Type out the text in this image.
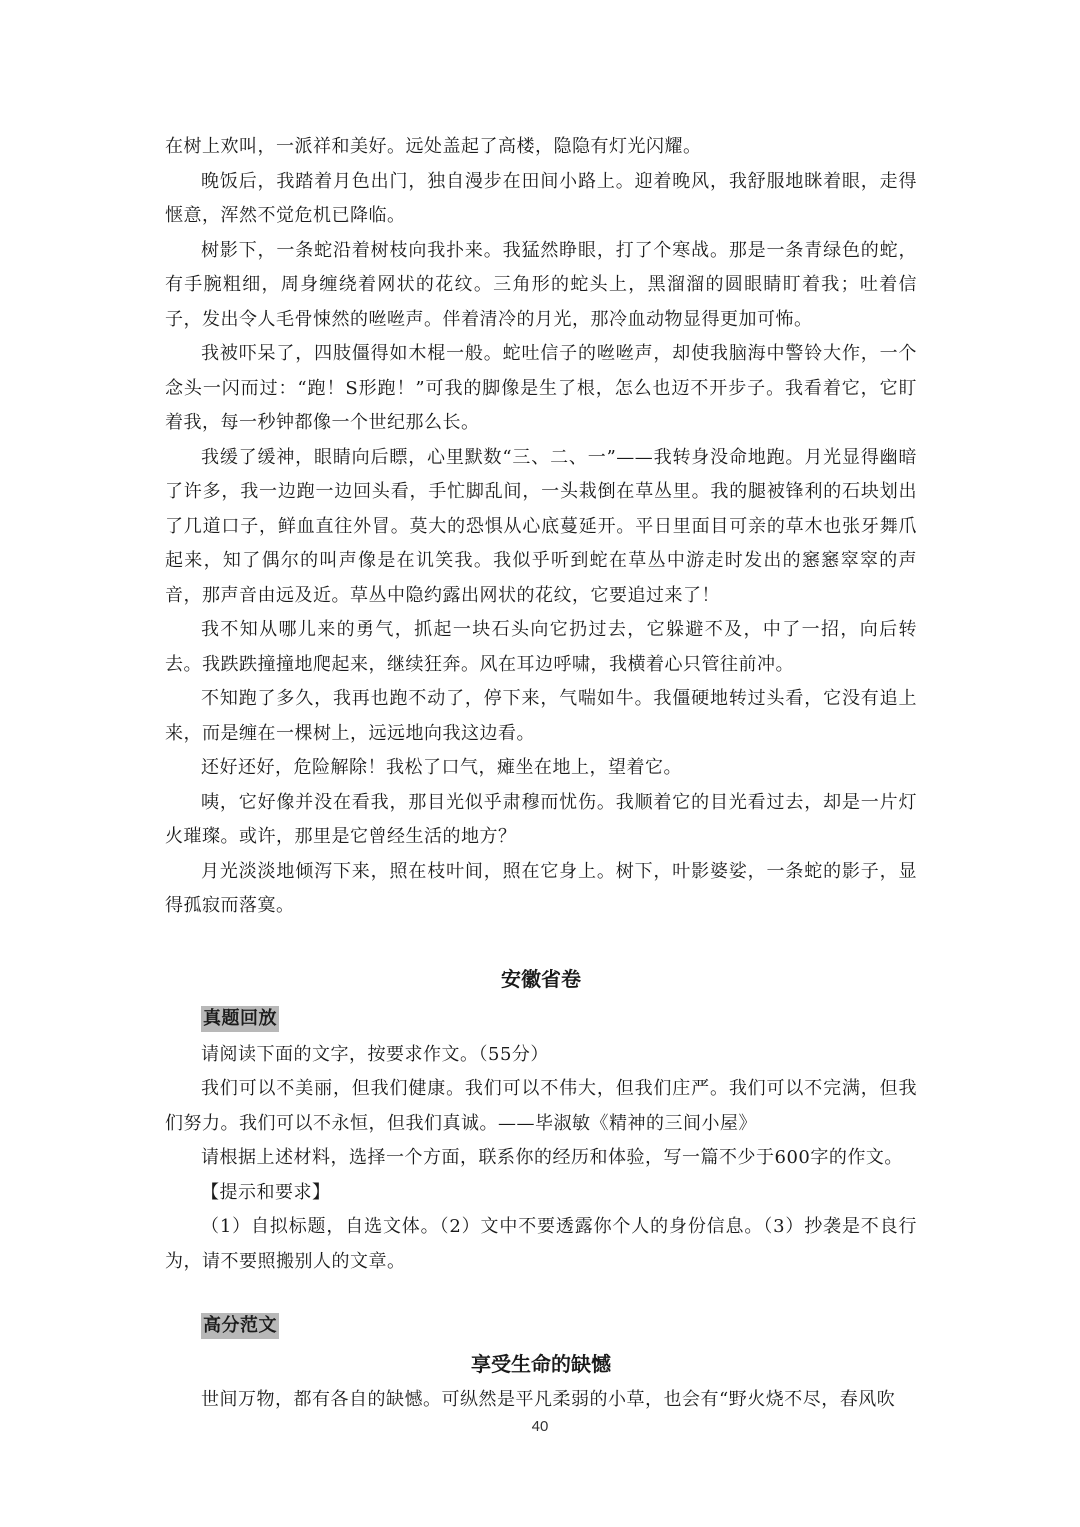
在树上欢叫，一派祥和美好。远处盖起了高楼，隐隐有灯光闪耀。

晚饭后，我踏着月色出门，独自漫步在田间小路上。迎着晚风，我舒服地眯着眼，走得惬意，浑然不觉危机已降临。

树影下，一条蛇沿着树枝向我扑来。我猛然睁眼，打了个寒战。那是一条青绿色的蛇，有手腕粗细，周身缠绕着网状的花纹。三角形的蛇头上，黑溜溜的圆眼睛盯着我；吐着信子，发出令人毛骨悚然的咝咝声。伴着清冷的月光，那冷血动物显得更加可怖。

我被吓呆了，四肢僵得如木棍一般。蛇吐信子的咝咝声，却使我脑海中警铃大作，一个念头一闪而过：“跑！S形跑！”可我的脚像是生了根，怎么也迈不开步子。我看着它，它盯着我，每一秒钟都像一个世纪那么长。

我缓了缓神，眼睛向后瞟，心里默数“三、二、一”——我转身没命地跑。月光显得幽暗了许多，我一边跑一边回头看，手忙脚乱间，一头栽倒在草丛里。我的腿被锋利的石块划出了几道口子，鲜血直往外冒。莫大的恐惧从心底蔓延开。平日里面目可亲的草木也张牙舞爪起来，知了偶尔的叫声像是在讥笑我。我似乎听到蛇在草丛中游走时发出的窸窸窣窣的声音，那声音由远及近。草丛中隐约露出网状的花纹，它要追过来了！

我不知从哪儿来的勇气，抓起一块石头向它扔过去，它躲避不及，中了一招，向后转去。我跌跌撞撞地爬起来，继续狂奔。风在耳边呼啸，我横着心只管往前冲。

不知跑了多久，我再也跑不动了，停下来，气喘如牛。我僵硬地转过头看，它没有追上来，而是缠在一棵树上，远远地向我这边看。

还好还好，危险解除！我松了口气，瘫坐在地上，望着它。

咦，它好像并没在看我，那目光似乎肃穆而忧伤。我顺着它的目光看过去，却是一片灯火璀璨。或许，那里是它曾经生活的地方？

月光淡淡地倾泻下来，照在枝叶间，照在它身上。树下，叶影婆娑，一条蛇的影子，显得孤寂而落寞。

安徽省卷
真题回放

请阅读下面的文字，按要求作文。（55分）

我们可以不美丽，但我们健康。我们可以不伟大，但我们庄严。我们可以不完满，但我们努力。我们可以不永恒，但我们真诚。——毕淑敏《精神的三间小屋》

请根据上述材料，选择一个方面，联系你的经历和体验，写一篇不少于600字的作文。

【提示和要求】

（1）自拟标题，自选文体。（2）文中不要透露你个人的身份信息。（3）抄袭是不良行为，请不要照搬别人的文章。

高分范文
享受生命的缺憾

世间万物，都有各自的缺憾。可纵然是平凡柔弱的小草，也会有“野火烧不尽，春风吹

40
